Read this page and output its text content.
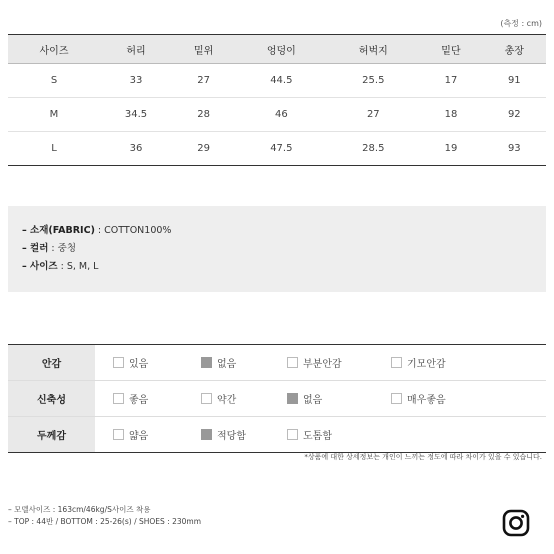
(측정 : cm)
사이즈	허리	밑위	엉덩이	허벅지	밑단	총장
S	33	27	44.5	25.5	17	91
M	34.5	28	46	27	18	92
L	36	29	47.5	28.5	19	93
– 소재(FABRIC) : COTTON100%
– 컬러 : 중청
– 사이즈 : S, M, L
안감	있음 없음 부분안감 기모안감

신축성	좋음 약간 없음 매우좋음

두께감	얇음 적당함 도톰함
*상품에 대한 상세정보는 개인이 느끼는 정도에 따라 차이가 있을 수 있습니다.
– 모델사이즈 : 163cm/46kg/S사이즈 착용
– TOP : 44반 / BOTTOM : 25-26(s) / SHOES : 230mm
